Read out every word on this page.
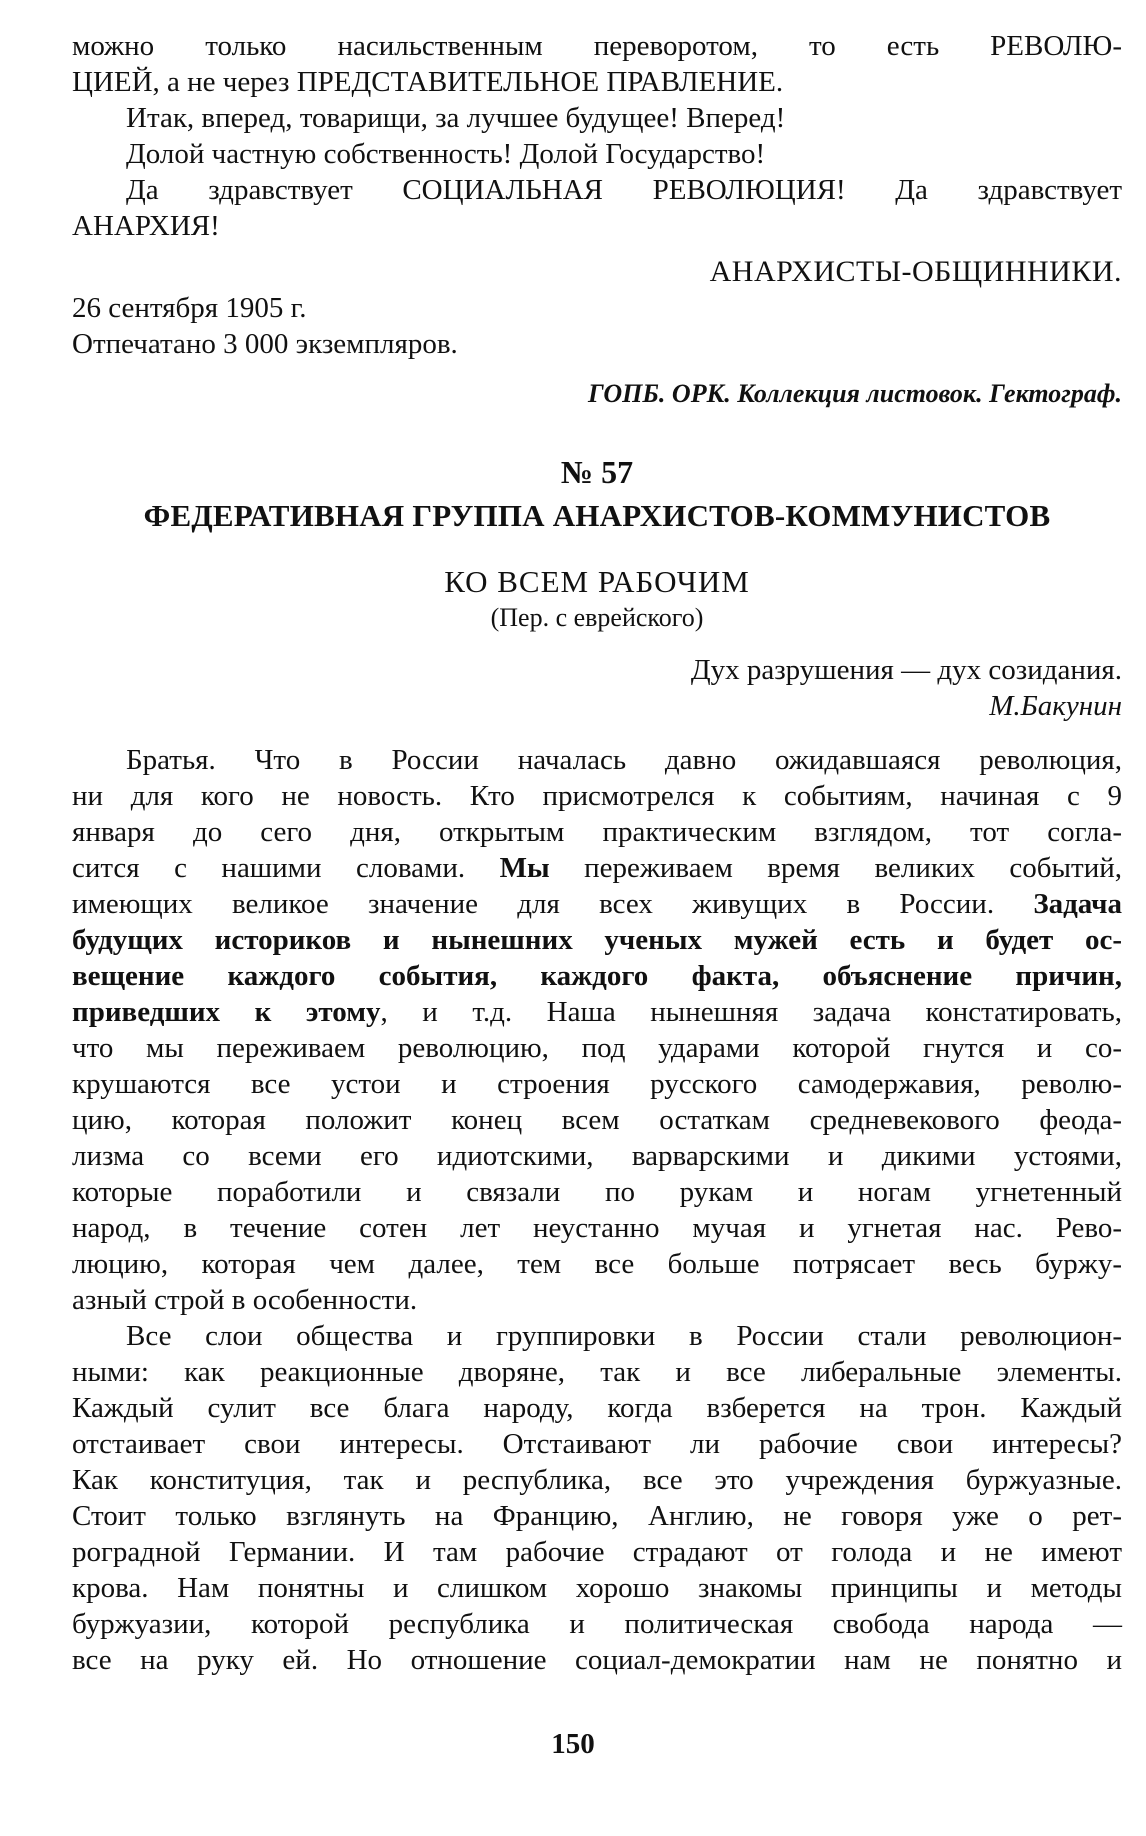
можно только насильственным переворотом, то есть РЕВОЛЮ-
ЦИЕЙ, а не через ПРЕДСТАВИТЕЛЬНОЕ ПРАВЛЕНИЕ.
Итак, вперед, товарищи, за лучшее будущее! Вперед!
Долой частную собственность! Долой Государство!
Да здравствует СОЦИАЛЬНАЯ РЕВОЛЮЦИЯ! Да здравствует
АНАРХИЯ!
АНАРХИСТЫ-ОБЩИННИКИ.
26 сентября 1905 г.
Отпечатано 3 000 экземпляров.
ГОПБ. ОРК. Коллекция листовок. Гектограф.
№ 57
ФЕДЕРАТИВНАЯ ГРУППА АНАРХИСТОВ-КОММУНИСТОВ
КО ВСЕМ РАБОЧИМ
(Пер. с еврейского)
Дух разрушения — дух созидания.
М.Бакунин
Братья. Что в России началась давно ожидавшаяся революция,
ни для кого не новость. Кто присмотрелся к событиям, начиная с 9
января до сего дня, открытым практическим взглядом, тот согла-
сится с нашими словами. Мы переживаем время великих событий,
имеющих великое значение для всех живущих в России. Задача
будущих историков и нынешних ученых мужей есть и будет ос-
вещение каждого события, каждого факта, объяснение причин,
приведших к этому, и т.д. Наша нынешняя задача констатировать,
что мы переживаем революцию, под ударами которой гнутся и со-
крушаются все устои и строения русского самодержавия, револю-
цию, которая положит конец всем остаткам средневекового феода-
лизма со всеми его идиотскими, варварскими и дикими устоями,
которые поработили и связали по рукам и ногам угнетенный
народ, в течение сотен лет неустанно мучая и угнетая нас. Рево-
люцию, которая чем далее, тем все больше потрясает весь буржу-
азный строй в особенности.
Все слои общества и группировки в России стали революцион-
ными: как реакционные дворяне, так и все либеральные элементы.
Каждый сулит все блага народу, когда взберется на трон. Каждый
отстаивает свои интересы. Отстаивают ли рабочие свои интересы?
Как конституция, так и республика, все это учреждения буржуазные.
Стоит только взглянуть на Францию, Англию, не говоря уже о рет-
роградной Германии. И там рабочие страдают от голода и не имеют
крова. Нам понятны и слишком хорошо знакомы принципы и методы
буржуазии, которой республика и политическая свобода народа —
все на руку ей. Но отношение социал-демократии нам не понятно и
150
